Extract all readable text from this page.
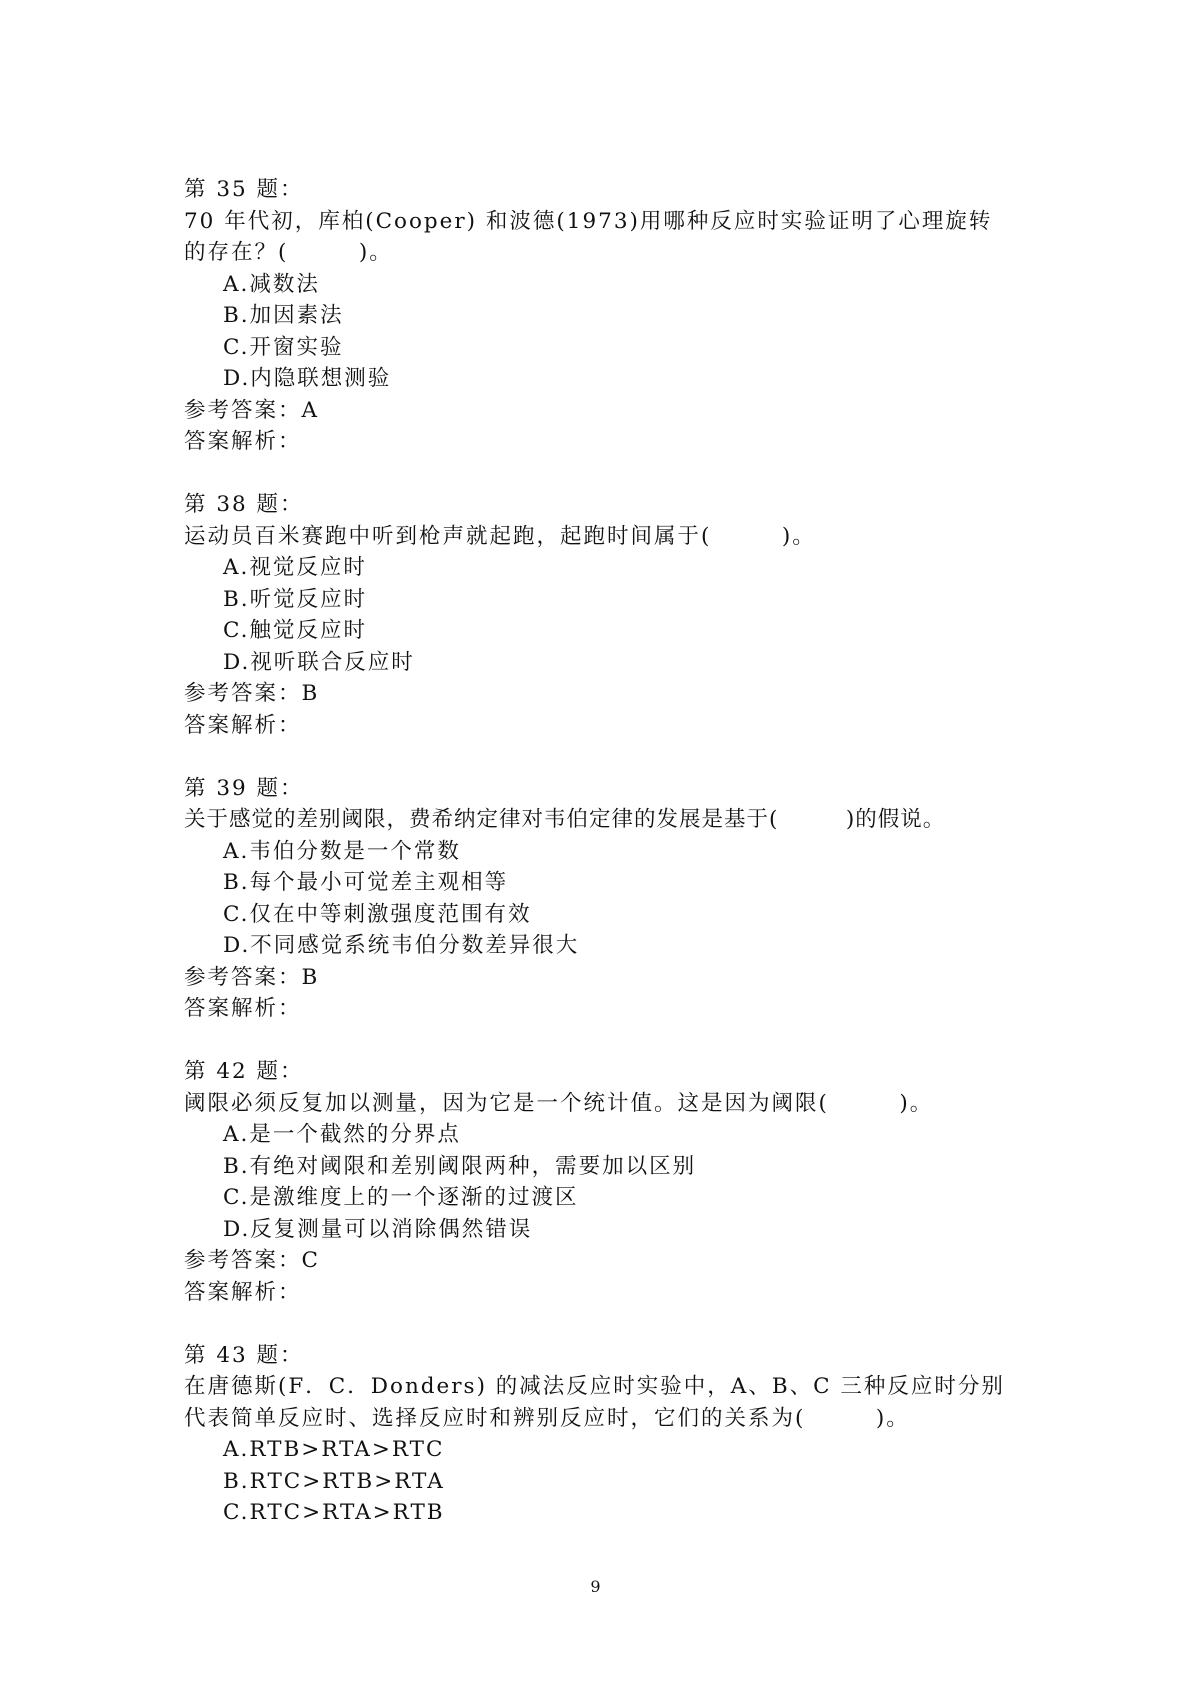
第 35 题：
70 年代初，库柏(Cooper) 和波德(1973)用哪种反应时实验证明了心理旋转的存在？(　　　)。
A.减数法
B.加因素法
C.开窗实验
D.内隐联想测验
参考答案：A
答案解析：
第 38 题：
运动员百米赛跑中听到枪声就起跑，起跑时间属于(　　　)。
A.视觉反应时
B.听觉反应时
C.触觉反应时
D.视听联合反应时
参考答案：B
答案解析：
第 39 题：
关于感觉的差别阈限，费希纳定律对韦伯定律的发展是基于(　　　)的假说。
A.韦伯分数是一个常数
B.每个最小可觉差主观相等
C.仅在中等刺激强度范围有效
D.不同感觉系统韦伯分数差异很大
参考答案：B
答案解析：
第 42 题：
阈限必须反复加以测量，因为它是一个统计值。这是因为阈限(　　　)。
A.是一个截然的分界点
B.有绝对阈限和差别阈限两种，需要加以区别
C.是激维度上的一个逐渐的过渡区
D.反复测量可以消除偶然错误
参考答案：C
答案解析：
第 43 题：
在唐德斯(F．C．Donders) 的减法反应时实验中，A、B、C 三种反应时分别代表简单反应时、选择反应时和辨别反应时，它们的关系为(　　　)。
A.RTB>RTA>RTC
B.RTC>RTB>RTA
C.RTC>RTA>RTB
9
